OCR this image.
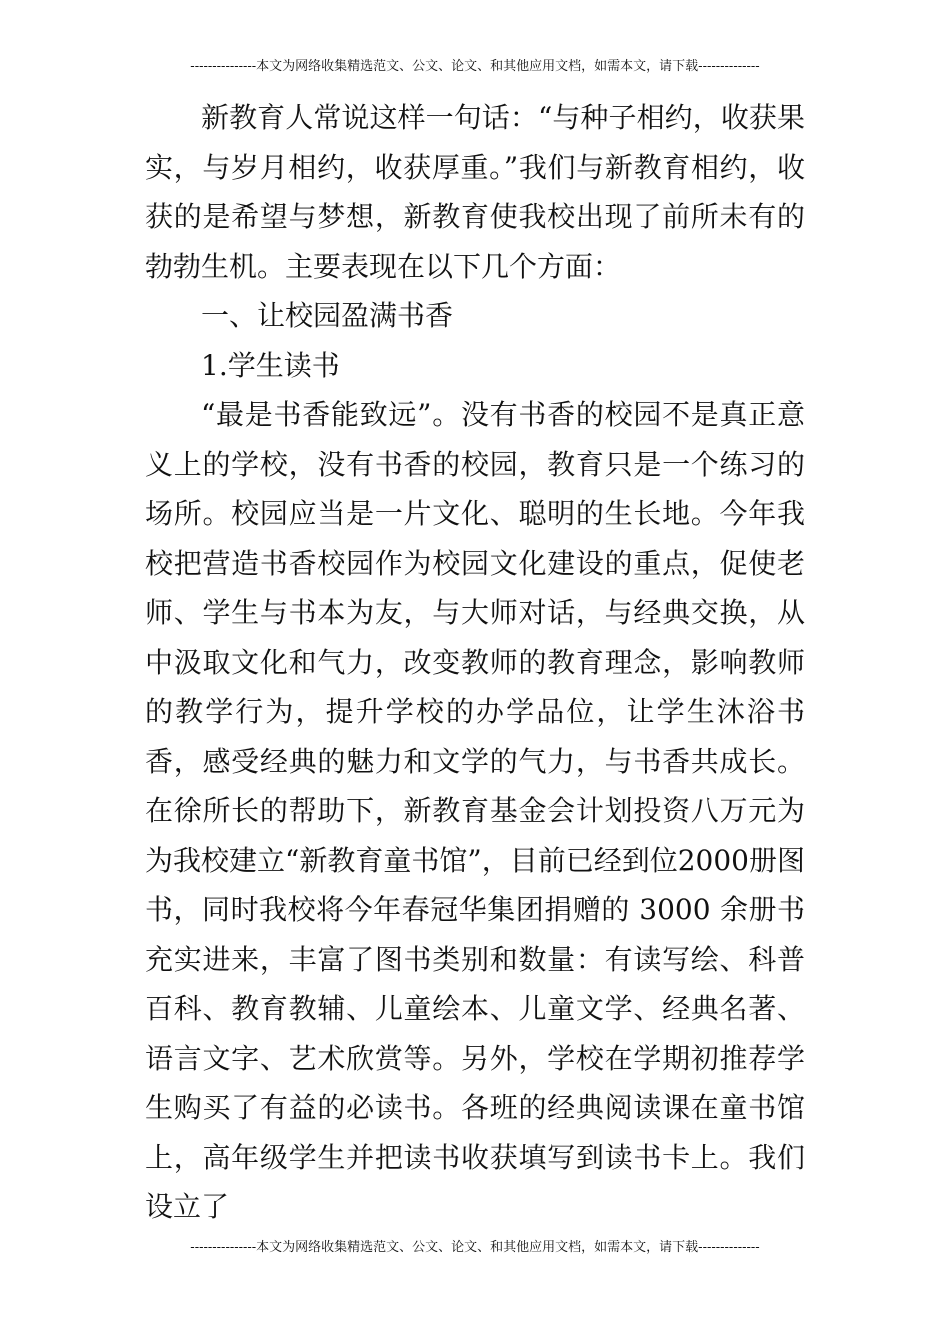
---------------本文为网络收集精选范文、公文、论文、和其他应用文档，如需本文，请下载--------------

新教育人常说这样一句话：“与种子相约，收获果实，与岁月相约，收获厚重。”我们与新教育相约，收获的是希望与梦想，新教育使我校出现了前所未有的勃勃生机。主要表现在以下几个方面：

一、让校园盈满书香

1.学生读书

“最是书香能致远”。没有书香的校园不是真正意义上的学校，没有书香的校园，教育只是一个练习的场所。校园应当是一片文化、聪明的生长地。今年我校把营造书香校园作为校园文化建设的重点，促使老师、学生与书本为友，与大师对话，与经典交换，从中汲取文化和气力，改变教师的教育理念，影响教师的教学行为，提升学校的办学品位，让学生沐浴书香，感受经典的魅力和文学的气力，与书香共成长。在徐所长的帮助下，新教育基金会计划投资八万元为为我校建立“新教育童书馆”，目前已经到位2000册图书，同时我校将今年春冠华集团捐赠的 3000 余册书充实进来，丰富了图书类别和数量：有读写绘、科普百科、教育教辅、儿童绘本、儿童文学、经典名著、语言文字、艺术欣赏等。另外，学校在学期初推荐学生购买了有益的必读书。各班的经典阅读课在童书馆上，高年级学生并把读书收获填写到读书卡上。我们设立了

---------------本文为网络收集精选范文、公文、论文、和其他应用文档，如需本文，请下载--------------
